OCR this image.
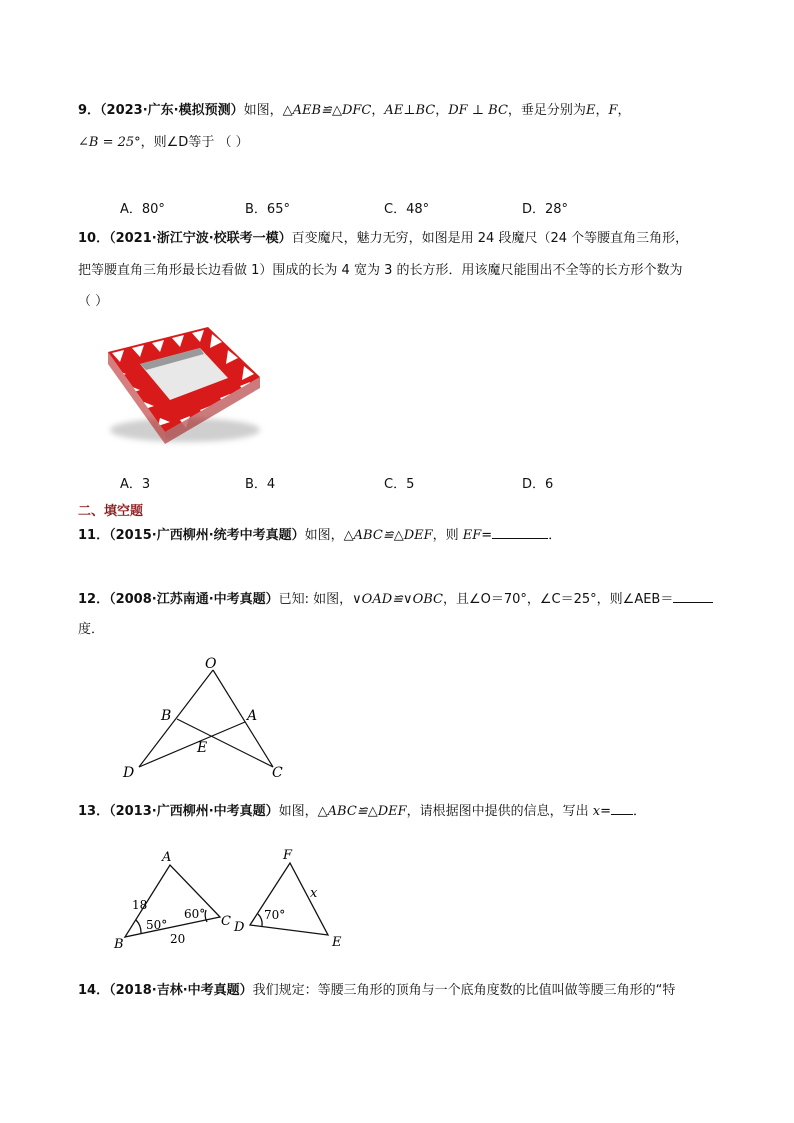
9．（2023·广东·模拟预测）如图，△AEB≌△DFC，AE⊥BC，DF ⊥ BC，垂足分别为E，F，
∠B = 25°，则∠D等于 （ ）
A．80°	B．65°	C．48°	D．28°
10．（2021·浙江宁波·校联考一模）百变魔尺，魅力无穷，如图是用 24 段魔尺（24 个等腰直角三角形，
把等腰直角三角形最长边看做 1）围成的长为 4 宽为 3 的长方形．用该魔尺能围出不全等的长方形个数为
（ ）
A．3	B．4	C．5	D．6
二、填空题
11．（2015·广西柳州·统考中考真题）如图，△ABC≌△DEF，则 EF=	．
12．（2008·江苏南通·中考真题）已知: 如图，∨OAD≌∨OBC，且∠O＝70°，∠C＝25°，则∠AEB＝
度．
O
B	A
E
D	C
13．（2013·广西柳州·中考真题）如图，△ABC≌△DEF，请根据图中提供的信息，写出 x= ．
A
B
C
18
20
50°
60°
F
D
E
70°
x
14．（2018·吉林·中考真题）我们规定：等腰三角形的顶角与一个底角度数的比值叫做等腰三角形的“特
